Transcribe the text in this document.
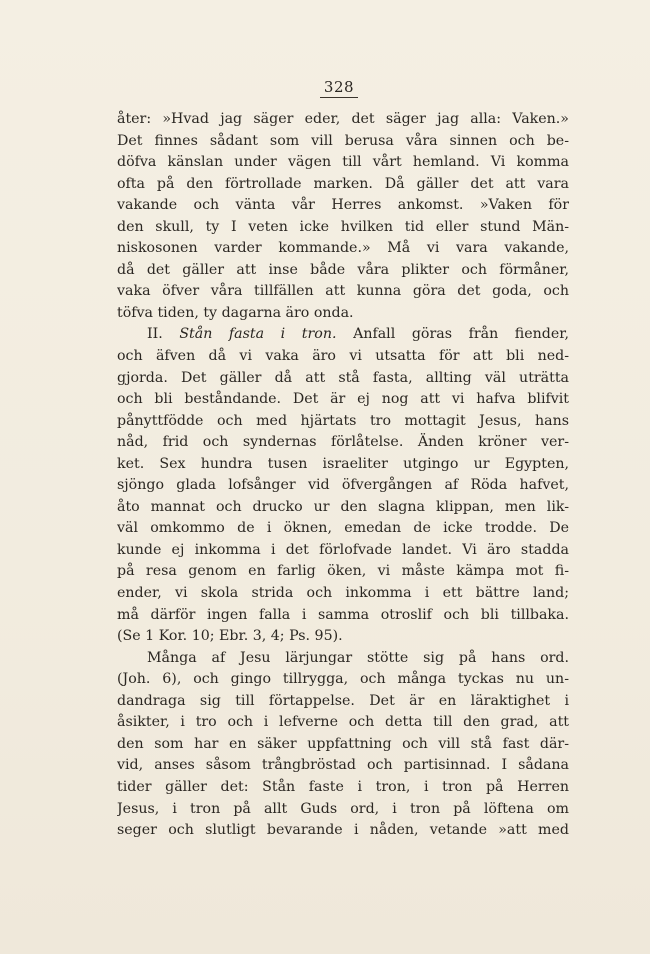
328
åter: »Hvad jag säger eder, det säger jag alla: Vaken.»
Det finnes sådant som vill berusa våra sinnen och be-
döfva känslan under vägen till vårt hemland. Vi komma
ofta på den förtrollade marken. Då gäller det att vara
vakande och vänta vår Herres ankomst. »Vaken för
den skull, ty I veten icke hvilken tid eller stund Män-
niskosonen varder kommande.» Må vi vara vakande,
då det gäller att inse både våra plikter och förmåner,
vaka öfver våra tillfällen att kunna göra det goda, och
töfva tiden, ty dagarna äro onda.
II. Stån fasta i tron. Anfall göras från fiender,
och äfven då vi vaka äro vi utsatta för att bli ned-
gjorda. Det gäller då att stå fasta, allting väl uträtta
och bli beståndande. Det är ej nog att vi hafva blifvit
pånyttfödde och med hjärtats tro mottagit Jesus, hans
nåd, frid och syndernas förlåtelse. Änden kröner ver-
ket. Sex hundra tusen israeliter utgingo ur Egypten,
sjöngo glada lofsånger vid öfvergången af Röda hafvet,
åto mannat och drucko ur den slagna klippan, men lik-
väl omkommo de i öknen, emedan de icke trodde. De
kunde ej inkomma i det förlofvade landet. Vi äro stadda
på resa genom en farlig öken, vi måste kämpa mot fi-
ender, vi skola strida och inkomma i ett bättre land;
må därför ingen falla i samma otroslif och bli tillbaka.
(Se 1 Kor. 10; Ebr. 3, 4; Ps. 95).
Många af Jesu lärjungar stötte sig på hans ord.
(Joh. 6), och gingo tillrygga, och många tyckas nu un-
dandraga sig till förtappelse. Det är en läraktighet i
åsikter, i tro och i lefverne och detta till den grad, att
den som har en säker uppfattning och vill stå fast där-
vid, anses såsom trångbröstad och partisinnad. I sådana
tider gäller det: Stån faste i tron, i tron på Herren
Jesus, i tron på allt Guds ord, i tron på löftena om
seger och slutligt bevarande i nåden, vetande »att med
